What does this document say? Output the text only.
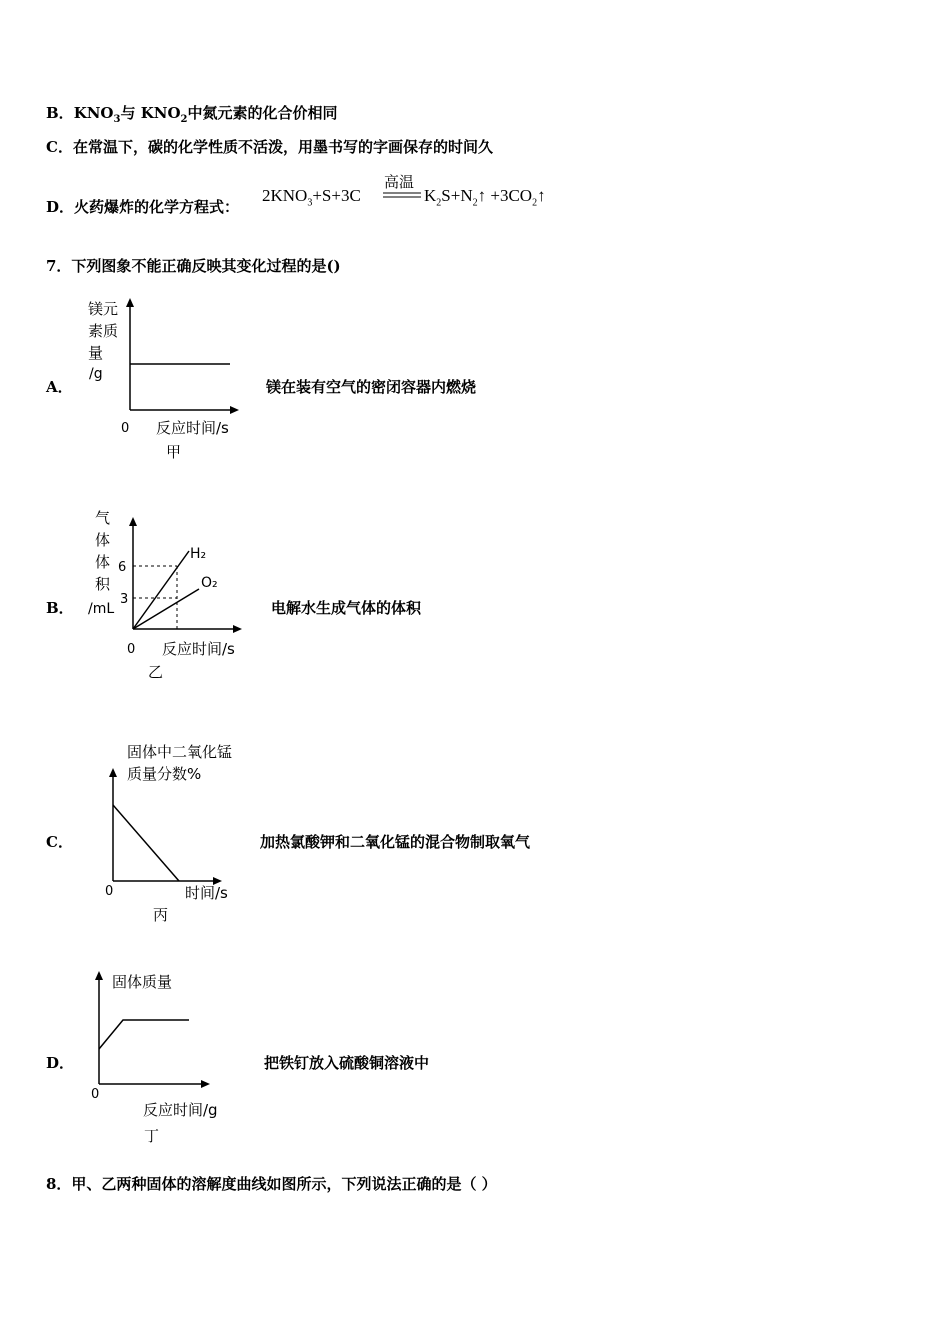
B．$KNO_3$与 $KNO_2$中氮元素的化合价相同
C．在常温下，碳的化学性质不活泼，用墨书写的字画保存的时间久
D．火药爆炸的化学方程式：
$2KNO_3+S+3C$
高温
$K_2S+N_2↑$ $+3CO_2↑$
7．下列图象不能正确反映其变化过程的是()
A．
镁元
素质
量
/g
0 反应时间/s
甲
镁在装有空气的密闭容器内燃烧
B．
气
体
体
积
/mL
6
3
H₂
O₂
0 反应时间/s
乙
电解水生成气体的体积
C．
固体中二氧化锰
质量分数%
0	时间/s
丙
加热氯酸钾和二氧化锰的混合物制取氧气
D．
固体质量
0
反应时间/g
丁
把铁钉放入硫酸铜溶液中
8．甲、乙两种固体的溶解度曲线如图所示，下列说法正确的是（ ）
